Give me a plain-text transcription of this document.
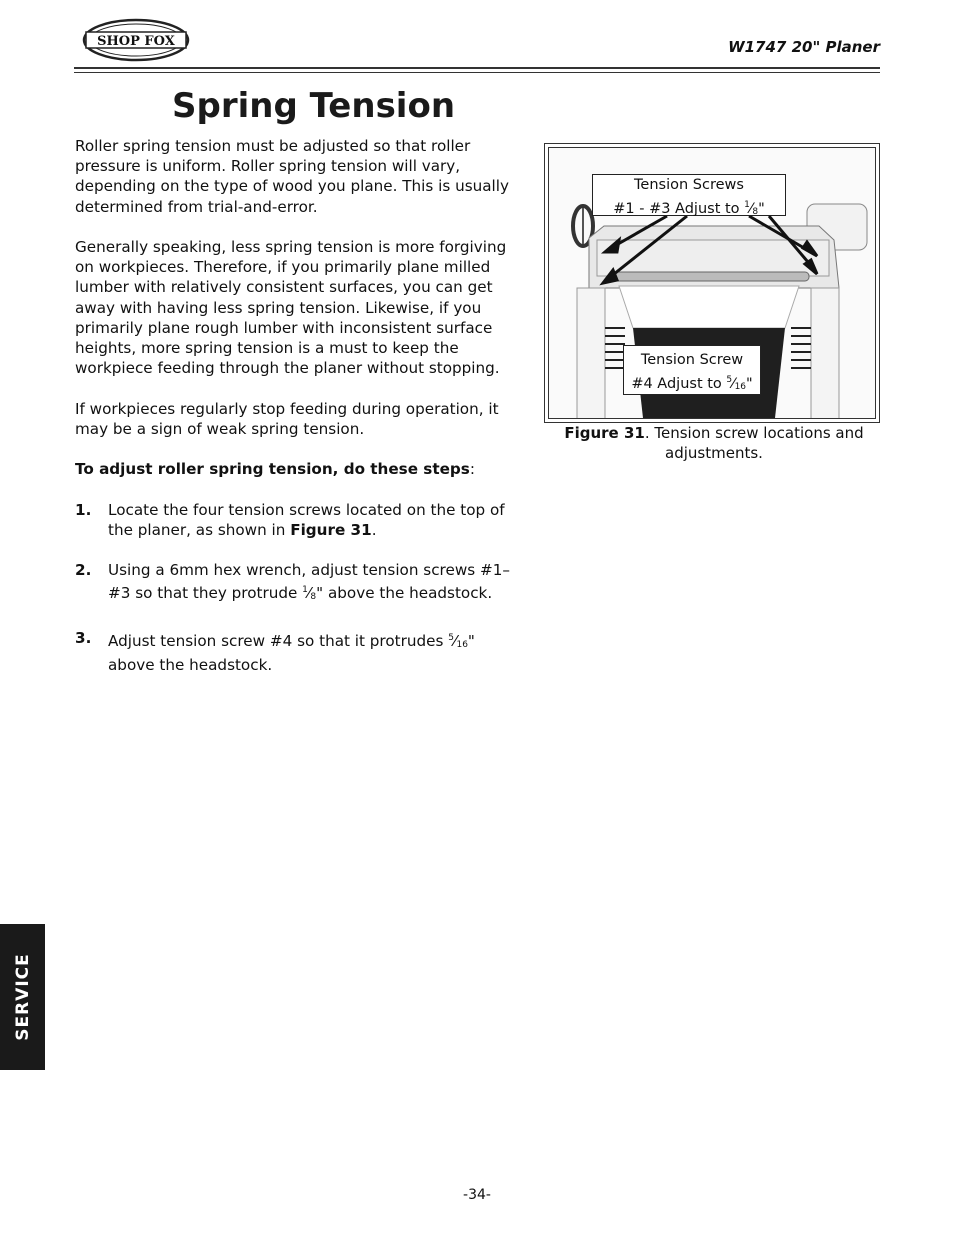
SHOP FOX	W1747 20" Planer
Spring Tension

Roller spring tension must be adjusted so that roller pressure is uniform. Roller spring tension will vary, depending on the type of wood you plane. This is usually determined from trial-and-error.

Generally speaking, less spring tension is more forgiving on workpieces. Therefore, if you primarily plane milled lumber with relatively consistent surfaces, you can get away with having less spring tension. Likewise, if you primarily plane rough lumber with inconsistent surface heights, more spring tension is a must to keep the workpiece feeding through the planer without stopping.

If workpieces regularly stop feeding during operation, it may be a sign of weak spring tension.

To adjust roller spring tension, do these steps:

1. Locate the four tension screws located on the top of the planer, as shown in Figure 31.
2. Using a 6mm hex wrench, adjust tension screws #1–#3 so that they protrude $^1⁄_8$" above the headstock.
3. Adjust tension screw #4 so that it protrudes $^5⁄_{16}$" above the headstock.
Tension Screws
#1 - #3 Adjust to $^1⁄_8$"
Tension Screw
#4 Adjust to $^5⁄_{16}$"
Figure 31. Tension screw locations and adjustments.
SERVICE
-34-
